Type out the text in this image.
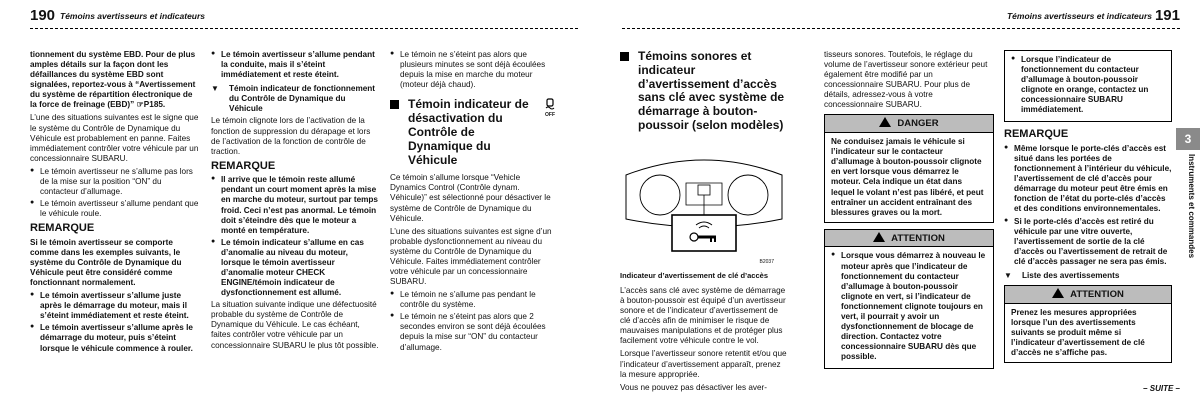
190 Témoins avertisseurs et indicateurs

tionnement du système EBD. Pour de plus amples détails sur la façon dont les défaillances du système EBD sont signalées, reportez-vous à “Avertissement du système de répartition électronique de la force de freinage (EBD)” ☞P185.

L’une des situations suivantes est le signe que le système du Contrôle de Dynamique du Véhicule est probablement en panne. Faites immédiatement contrôler votre véhicule par un concessionnaire SUBARU.

● Le témoin avertisseur ne s’allume pas lors de la mise sur la position “ON” du contacteur d’allumage.
● Le témoin avertisseur s’allume pendant que le véhicule roule.
REMARQUE

Si le témoin avertisseur se comporte comme dans les exemples suivants, le système du Contrôle de Dynamique du Véhicule peut être considéré comme fonctionnant normalement.

● Le témoin avertisseur s’allume juste après le démarrage du moteur, mais il s’éteint immédiatement et reste éteint.
● Le témoin avertisseur s’allume après le démarrage du moteur, puis s’éteint lorsque le véhicule commence à rouler.
● Le témoin avertisseur s’allume pendant la conduite, mais il s’éteint immédiatement et reste éteint.
▼ Témoin indicateur de fonctionnement du Contrôle de Dynamique du Véhicule

Le témoin clignote lors de l’activation de la fonction de suppression du dérapage et lors de l’activation de la fonction de contrôle de traction.

REMARQUE
● Il arrive que le témoin reste allumé pendant un court moment après la mise en marche du moteur, surtout par temps froid. Ceci n’est pas anormal. Le témoin doit s’éteindre dès que le moteur a monté en température.
● Le témoin indicateur s’allume en cas d’anomalie au niveau du moteur, lorsque le témoin avertisseur d’anomalie moteur CHECK ENGINE/témoin indicateur de dysfonctionnement est allumé.

La situation suivante indique une défectuosité probable du système de Contrôle de Dynamique du Véhicule. Le cas échéant, faites contrôler votre véhicule par un concessionnaire SUBARU le plus tôt possible.

● Le témoin ne s’éteint pas alors que plusieurs minutes se sont déjà écoulées depuis la mise en marche du moteur (moteur déjà chaud).
Témoin indicateur de désactivation du Contrôle de Dynamique du Véhicule
OFF

Ce témoin s’allume lorsque “Vehicle Dynamics Control (Contrôle dynam. Véhicule)” est sélectionné pour désactiver le système de Contrôle de Dynamique du Véhicule.

L’une des situations suivantes est signe d’un probable dysfonctionnement au niveau du système du Contrôle de Dynamique du Véhicule. Faites immédiatement contrôler votre véhicule par un concessionnaire SUBARU.

● Le témoin ne s’allume pas pendant le contrôle du système.
● Le témoin ne s’éteint pas alors que 2 secondes environ se sont déjà écoulées depuis la mise sur “ON” du contacteur d’allumage.
Témoins avertisseurs et indicateurs 191
Témoins sonores et indicateur d’avertissement d’accès sans clé avec système de démarrage à bouton-poussoir (selon modèles)
B2037
Indicateur d’avertissement de clé d’accès

L’accès sans clé avec système de démarrage à bouton-poussoir est équipé d’un avertisseur sonore et de l’indicateur d’avertissement de clé d’accès afin de minimiser le risque de mauvaises manipulations et de protéger plus facilement votre véhicule contre le vol.

Lorsque l’avertisseur sonore retentit et/ou que l’indicateur d’avertissement apparaît, prenez la mesure appropriée.

Vous ne pouvez pas désactiver les aver-

tisseurs sonores. Toutefois, le réglage du volume de l’avertisseur sonore extérieur peut également être modifié par un concessionnaire SUBARU. Pour plus de détails, adressez-vous à votre concessionnaire SUBARU.

DANGER
Ne conduisez jamais le véhicule si l’indicateur sur le contacteur d’allumage à bouton-poussoir clignote en vert lorsque vous démarrez le moteur. Cela indique un état dans lequel le volant n’est pas libéré, et peut entraîner un accident entraînant des blessures graves ou la mort.
ATTENTION
● Lorsque vous démarrez à nouveau le moteur après que l’indicateur de fonctionnement du contacteur d’allumage à bouton-poussoir clignote en vert, si l’indicateur de fonctionnement clignote toujours en vert, il pourrait y avoir un dysfonctionnement de blocage de direction. Contactez votre concessionnaire SUBARU dès que possible.
● Lorsque l’indicateur de fonctionnement du contacteur d’allumage à bouton-poussoir clignote en orange, contactez un concessionnaire SUBARU immédiatement.
REMARQUE
● Même lorsque le porte-clés d’accès est situé dans les portées de fonctionnement à l’intérieur du véhicule, l’avertissement de clé d’accès pour démarrage du moteur peut être émis en fonction de l’état du porte-clés d’accès et des conditions environnementales.
● Si le porte-clés d’accès est retiré du véhicule par une vitre ouverte, l’avertissement de sortie de la clé d’accès ou l’avertissement de retrait de clé d’accès passager ne sera pas émis.
▼ Liste des avertissements
ATTENTION
Prenez les mesures appropriées lorsque l’un des avertissements suivants se produit même si l’indicateur d’avertissement de clé d’accès ne s’affiche pas.
3
Instruments et commandes
– SUITE –
